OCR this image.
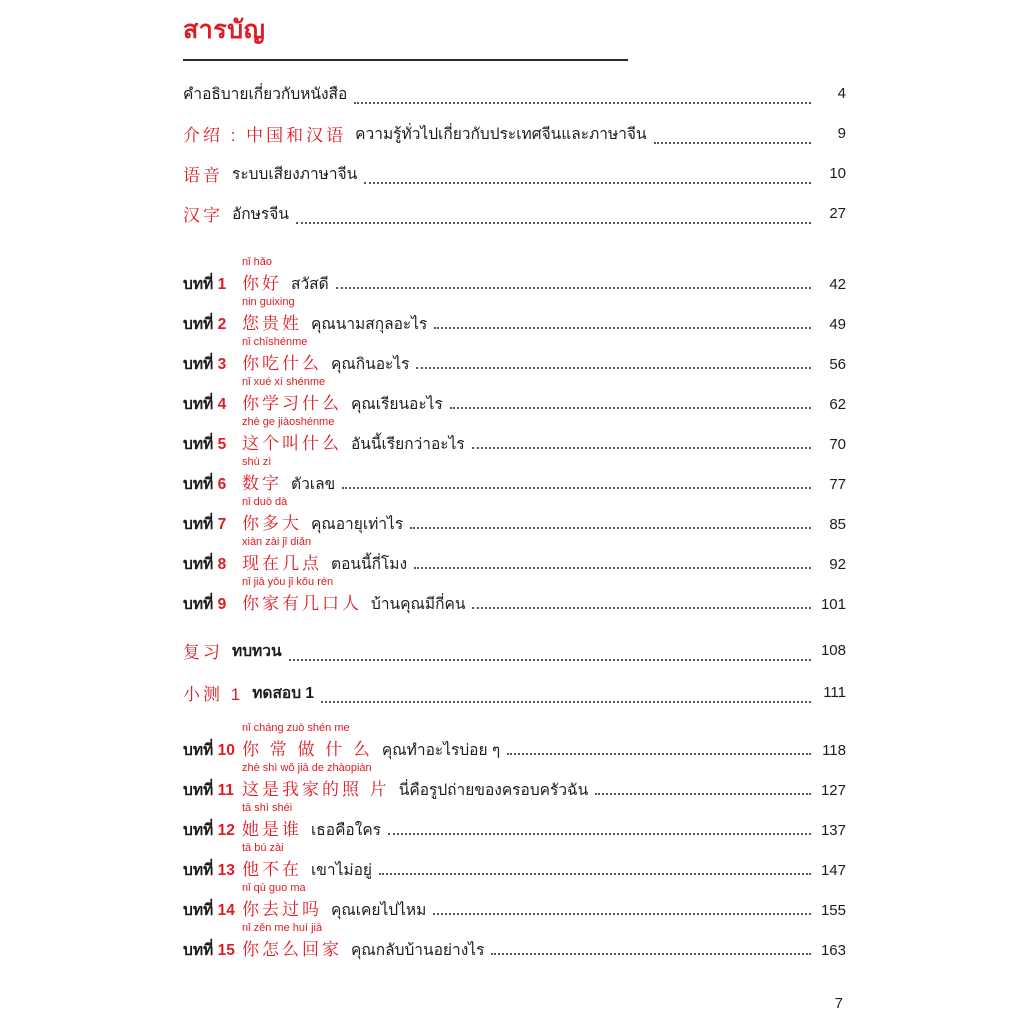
สารบัญ
คำอธิบายเกี่ยวกับหนังสือ	4
介绍 : 中国和汉语 ความรู้ทั่วไปเกี่ยวกับประเทศจีนและภาษาจีน	9
语音 ระบบเสียงภาษาจีน	10
汉字 อักษรจีน	27
nǐ hǎo
บทที่ 1 你好 สวัสดี	42
nin guixing
บทที่ 2 您贵姓 คุณนามสกุลอะไร	49
nǐ chīshénme
บทที่ 3 你吃什么 คุณกินอะไร	56
nǐ xué xí shénme
บทที่ 4 你学习什么 คุณเรียนอะไร	62
zhè ge jiàoshénme
บทที่ 5 这个叫什么 อันนี้เรียกว่าอะไร	70
shù zì
บทที่ 6 数字 ตัวเลข	77
nǐ duō dà
บทที่ 7 你多大 คุณอายุเท่าไร	85
xiàn zài jǐ diǎn
บทที่ 8 现在几点 ตอนนี้กี่โมง	92
nǐ jiā yǒu jǐ kǒu rén
บทที่ 9 你家有几口人 บ้านคุณมีกี่คน	101
复习 ทบทวน	108
小测 1 ทดสอบ 1	111
nǐ cháng zuò shén me
บทที่ 10 你 常 做 什 么 คุณทำอะไรบ่อย ๆ	118
zhè shì wǒ jiā de zhàopiàn
บทที่ 11 这是我家的照 片 นี่คือรูปถ่ายของครอบครัวฉัน	127
tā shì shéi
บทที่ 12 她是谁 เธอคือใคร	137
tā bú zài
บทที่ 13 他不在 เขาไม่อยู่	147
nǐ qù guo ma
บทที่ 14 你去过吗 คุณเคยไปไหม	155
nǐ zěn me huí jiā
บทที่ 15 你怎么回家 คุณกลับบ้านอย่างไร	163
7
